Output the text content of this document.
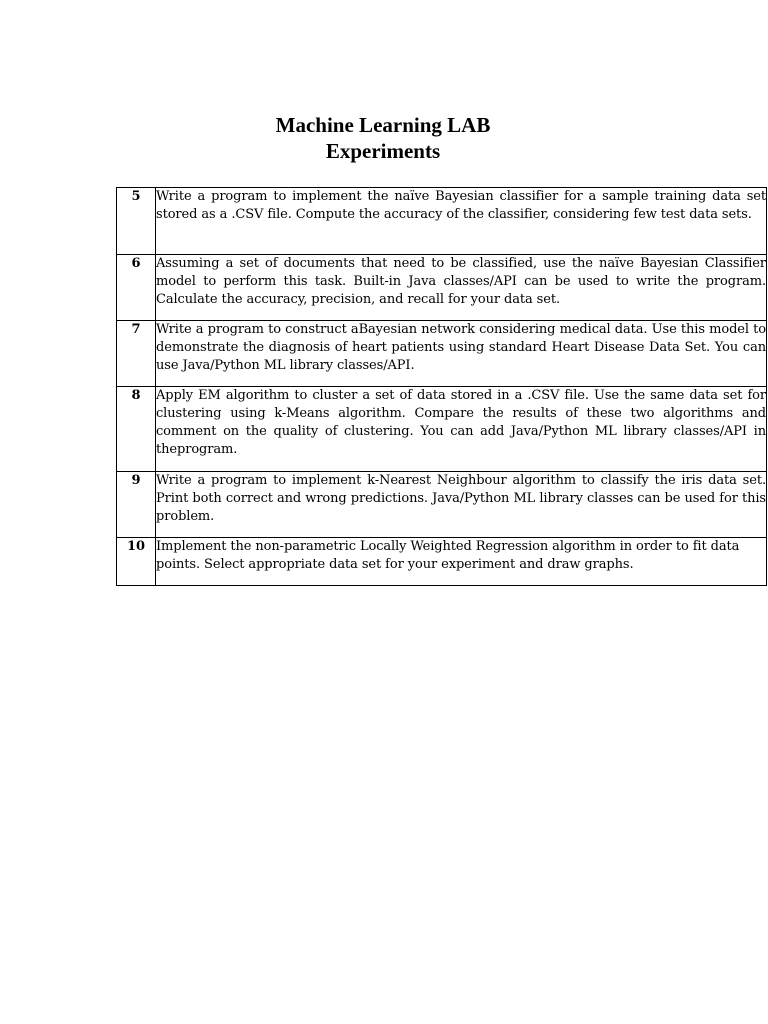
Machine Learning LAB
Experiments
5	Write a program to implement the naïve Bayesian classifier for a sample training data set stored as a .CSV file. Compute the accuracy of the classifier, considering few test data sets.
6	Assuming a set of documents that need to be classified, use the naïve Bayesian Classifier model to perform this task. Built-in Java classes/API can be used to write the program. Calculate the accuracy, precision, and recall for your data set.
7	Write a program to construct aBayesian network considering medical data. Use this model to demonstrate the diagnosis of heart patients using standard Heart Disease Data Set. You can use Java/Python ML library classes/API.
8	Apply EM algorithm to cluster a set of data stored in a .CSV file. Use the same data set for clustering using k-Means algorithm. Compare the results of these two algorithms and comment on the quality of clustering. You can add Java/Python ML library classes/API in theprogram.
9	Write a program to implement k-Nearest Neighbour algorithm to classify the iris data set. Print both correct and wrong predictions. Java/Python ML library classes can be used for this problem.
10	Implement the non-parametric Locally Weighted Regression algorithm in order to fit data points. Select appropriate data set for your experiment and draw graphs.
